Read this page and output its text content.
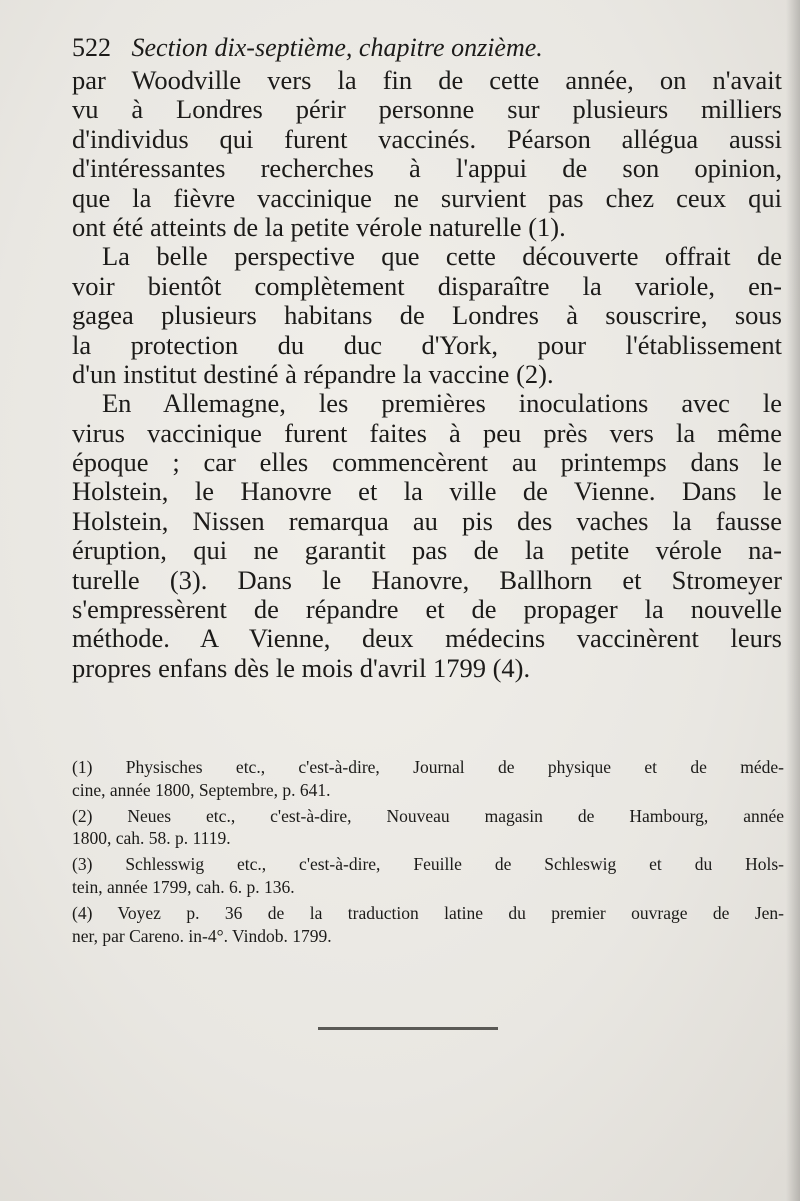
522 Section dix-septième, chapitre onzième.
par Woodville vers la fin de cette année, on n'avait
vu à Londres périr personne sur plusieurs milliers
d'individus qui furent vaccinés. Péarson allégua aussi
d'intéressantes recherches à l'appui de son opinion,
que la fièvre vaccinique ne survient pas chez ceux qui
ont été atteints de la petite vérole naturelle (1).
La belle perspective que cette découverte offrait de
voir bientôt complètement disparaître la variole, en-
gagea plusieurs habitans de Londres à souscrire, sous
la protection du duc d'York, pour l'établissement
d'un institut destiné à répandre la vaccine (2).
En Allemagne, les premières inoculations avec le
virus vaccinique furent faites à peu près vers la même
époque ; car elles commencèrent au printemps dans le
Holstein, le Hanovre et la ville de Vienne. Dans le
Holstein, Nissen remarqua au pis des vaches la fausse
éruption, qui ne garantit pas de la petite vérole na-
turelle (3). Dans le Hanovre, Ballhorn et Stromeyer
s'empressèrent de répandre et de propager la nouvelle
méthode. A Vienne, deux médecins vaccinèrent leurs
propres enfans dès le mois d'avril 1799 (4).
(1) Physisches etc., c'est-à-dire, Journal de physique et de méde-
cine, année 1800, Septembre, p. 641.
(2) Neues etc., c'est-à-dire, Nouveau magasin de Hambourg, année
1800, cah. 58. p. 1119.
(3) Schlesswig etc., c'est-à-dire, Feuille de Schleswig et du Hols-
tein, année 1799, cah. 6. p. 136.
(4) Voyez p. 36 de la traduction latine du premier ouvrage de Jen-
ner, par Careno. in-4°. Vindob. 1799.
